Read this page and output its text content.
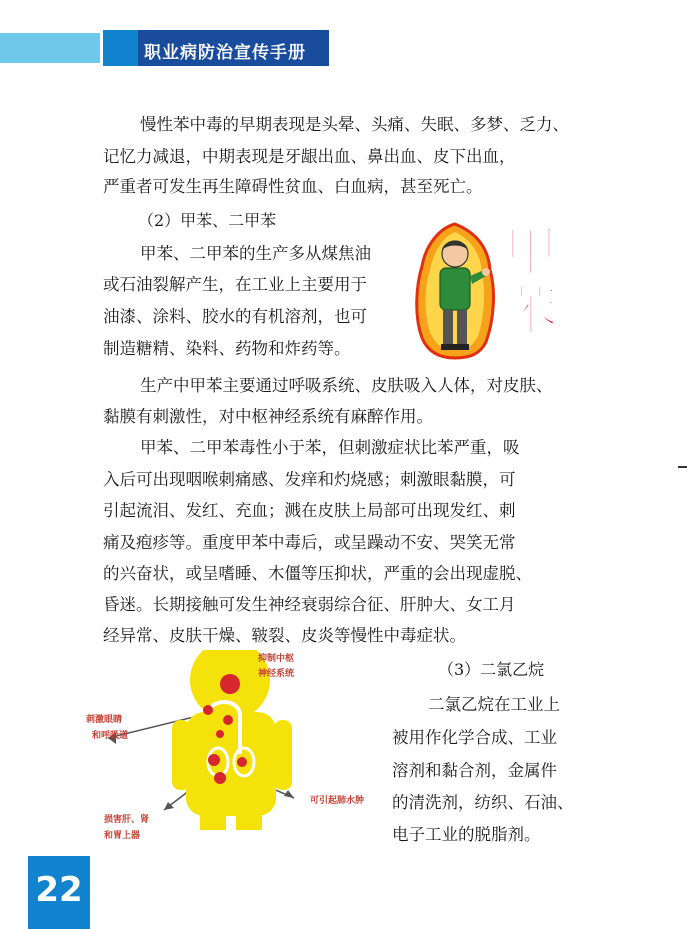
职业病防治宣传手册
慢性苯中毒的早期表现是头晕、头痛、失眠、多梦、乏力、
记忆力减退，中期表现是牙龈出血、鼻出血、皮下出血，
严重者可发生再生障碍性贫血、白血病，甚至死亡。
（2）甲苯、二甲苯
甲苯、二甲苯的生产多从煤焦油
或石油裂解产生，在工业上主要用于
油漆、涂料、胶水的有机溶剂，也可
制造糖精、染料、药物和炸药等。
甲
苯
生产中甲苯主要通过呼吸系统、皮肤吸入人体，对皮肤、
黏膜有刺激性，对中枢神经系统有麻醉作用。
甲苯、二甲苯毒性小于苯，但刺激症状比苯严重，吸
入后可出现咽喉刺痛感、发痒和灼烧感；刺激眼黏膜，可
引起流泪、发红、充血；溅在皮肤上局部可出现发红、刺
痛及疱疹等。重度甲苯中毒后，或呈躁动不安、哭笑无常
的兴奋状，或呈嗜睡、木僵等压抑状，严重的会出现虚脱、
昏迷。长期接触可发生神经衰弱综合征、肝肿大、女工月
经异常、皮肤干燥、皲裂、皮炎等慢性中毒症状。
（3）二氯乙烷
二氯乙烷在工业上
被用作化学合成、工业
溶剂和黏合剂，金属件
的清洗剂，纺织、石油、
电子工业的脱脂剂。
抑制中枢
神经系统
刺激眼睛
和呼吸道
损害肝、肾
和胃上器
可引起肺水肿
22
